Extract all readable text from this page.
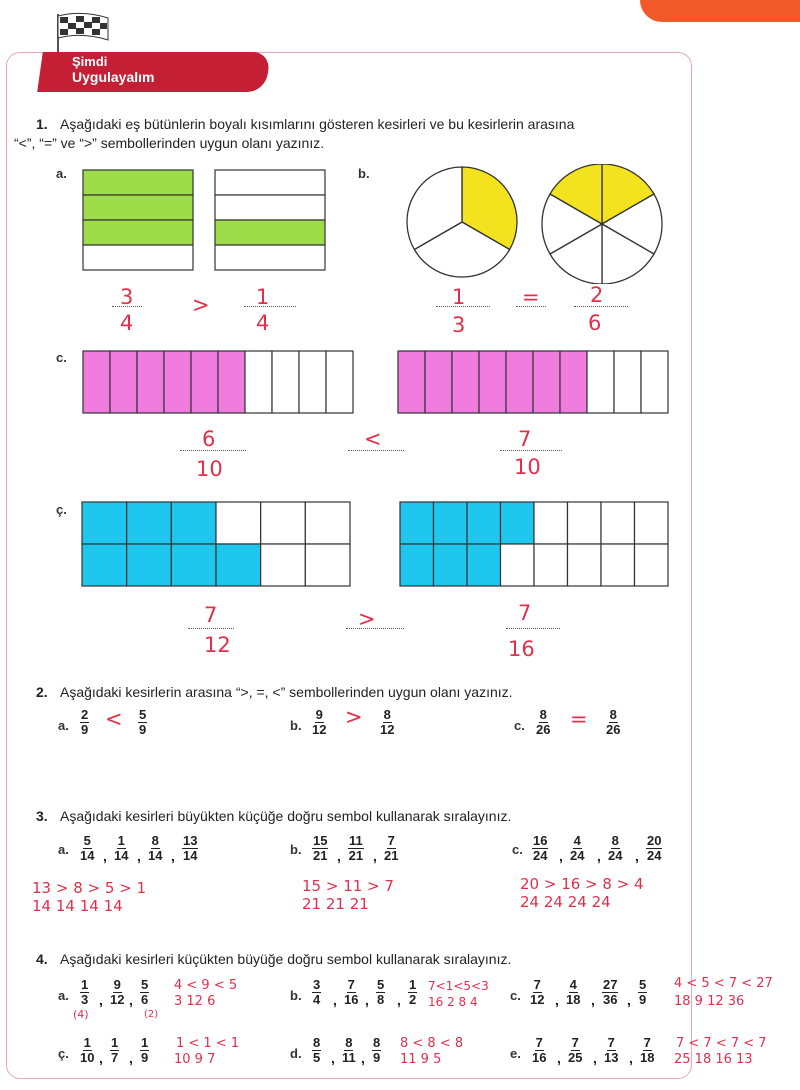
Şimdi
Uygulayalım
1. Aşağıdaki eş bütünlerin boyalı kısımlarını gösteren kesirleri ve bu kesirlerin arasına
“<”, “=” ve “>” sembollerinden uygun olanı yazınız.
a.
3
4
> 1
4
b.
1
3
= 2
6
c.
6
10
<	7
10
ç.
7
12
>	7
16
2. Aşağıdaki kesirlerin arasına “>, =, <” sembollerinden uygun olanı yazınız.
a. $\frac{2}{9} < \frac{5}{9}$	b. $\frac{9}{12} > \frac{8}{12}$	c. $\frac{8}{26} = \frac{8}{26}$
3. Aşağıdaki kesirleri büyükten küçüğe doğru sembol kullanarak sıralayınız.
a. $\frac{5}{14}$ , $\frac{1}{14}$ , $\frac{8}{14}$ , $\frac{13}{14}$
13 > 8 > 5 > 1
14 14 14 14
b. $\frac{15}{21}$ , $\frac{11}{21}$ , $\frac{7}{21}$
15 > 11 > 7
21 21 21
c. $\frac{16}{24}$ , $\frac{4}{24}$ , $\frac{8}{24}$ , $\frac{20}{24}$
20 > 16 > 8 > 4
24 24 24 24
4. Aşağıdaki kesirleri küçükten büyüğe doğru sembol kullanarak sıralayınız.
a. $\frac{1}{3}$ , $\frac{9}{12}$ , $\frac{5}{6}$
(4)	(2)
4 < 9 < 5
3 12 6	b. $\frac{3}{4}$ , $\frac{7}{16}$ , $\frac{5}{8}$ , $\frac{1}{2} 7<1<5<3$
16 2 8 4 c. $\frac{7}{12}$ , $\frac{4}{18}$ , $\frac{27}{36}$ , $\frac{5}{9} 4 < 5 < 7 < 27$
18 9 12 36
ç. $\frac{1}{10}$ , $\frac{1}{7}$ , $\frac{1}{9} 1 < 1 < 1$
10 9 7	d. $\frac{8}{5}$ , $\frac{8}{11}$ , $\frac{8}{9} 8 < 8 < 8$
11 9 5	e. $\frac{7}{16}$ , $\frac{7}{25}$ , $\frac{7}{13}$ , $\frac{7}{18} 7 < 7 < 7 < 7$
25 18 16 13
